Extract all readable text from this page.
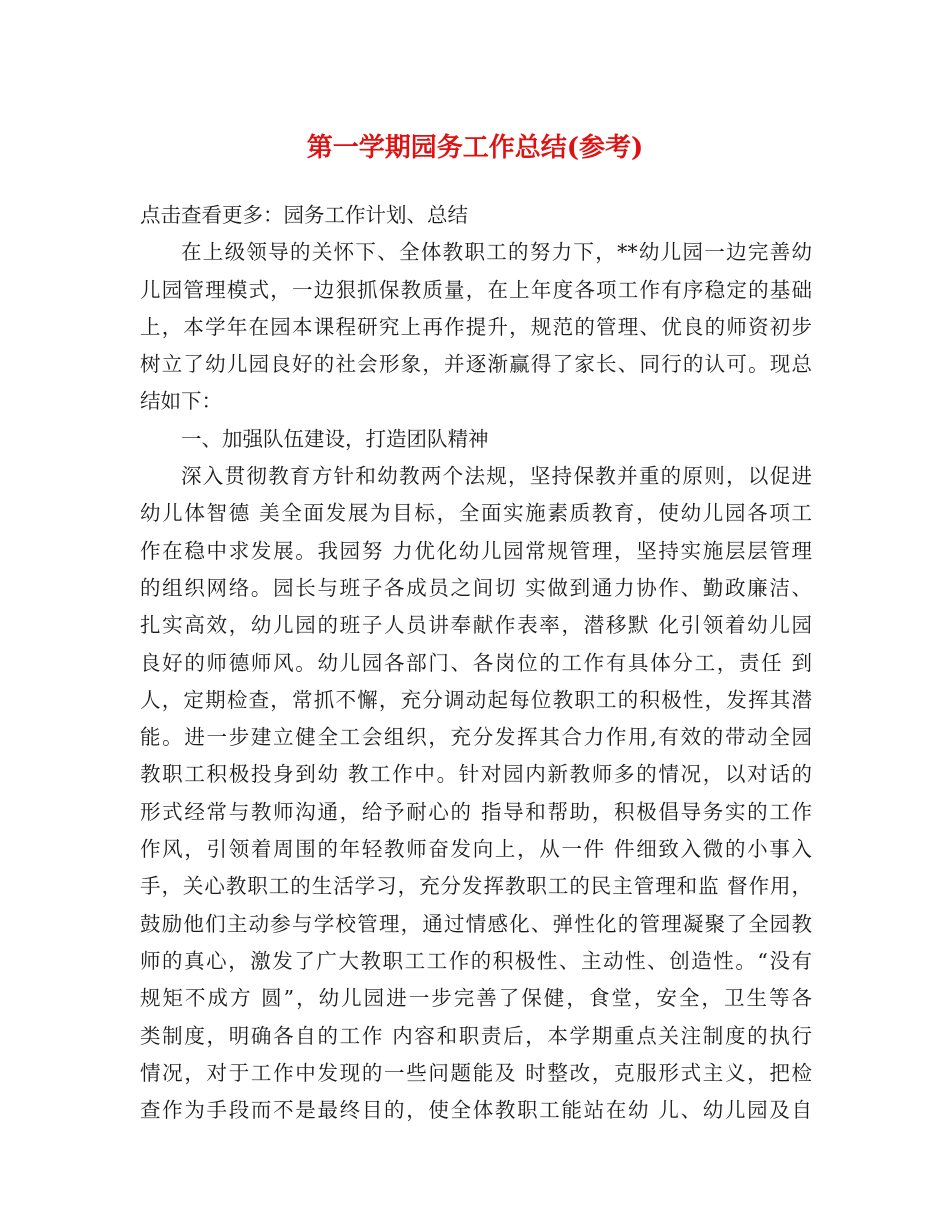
第一学期园务工作总结(参考)
点击查看更多：园务工作计划、总结
在上级领导的关怀下、全体教职工的努力下，**幼儿园一边完善幼
儿园管理模式，一边狠抓保教质量，在上年度各项工作有序稳定的基础
上，本学年在园本课程研究上再作提升，规范的管理、优良的师资初步
树立了幼儿园良好的社会形象，并逐渐赢得了家长、同行的认可。现总
结如下：
一、加强队伍建设，打造团队精神
深入贯彻教育方针和幼教两个法规，坚持保教并重的原则，以促进
幼儿体智德 美全面发展为目标，全面实施素质教育，使幼儿园各项工
作在稳中求发展。我园努 力优化幼儿园常规管理，坚持实施层层管理
的组织网络。园长与班子各成员之间切 实做到通力协作、勤政廉洁、
扎实高效，幼儿园的班子人员讲奉献作表率，潜移默 化引领着幼儿园
良好的师德师风。幼儿园各部门、各岗位的工作有具体分工，责任 到
人，定期检查，常抓不懈，充分调动起每位教职工的积极性，发挥其潜
能。进一步建立健全工会组织，充分发挥其合力作用,有效的带动全园
教职工积极投身到幼 教工作中。针对园内新教师多的情况，以对话的
形式经常与教师沟通，给予耐心的 指导和帮助，积极倡导务实的工作
作风，引领着周围的年轻教师奋发向上，从一件 件细致入微的小事入
手，关心教职工的生活学习，充分发挥教职工的民主管理和监 督作用，
鼓励他们主动参与学校管理，通过情感化、弹性化的管理凝聚了全园教
师的真心，激发了广大教职工工作的积极性、主动性、创造性。“没有
规矩不成方 圆”，幼儿园进一步完善了保健，食堂，安全，卫生等各
类制度，明确各自的工作 内容和职责后，本学期重点关注制度的执行
情况，对于工作中发现的一些问题能及 时整改，克服形式主义，把检
查作为手段而不是最终目的，使全体教职工能站在幼 儿、幼儿园及自
